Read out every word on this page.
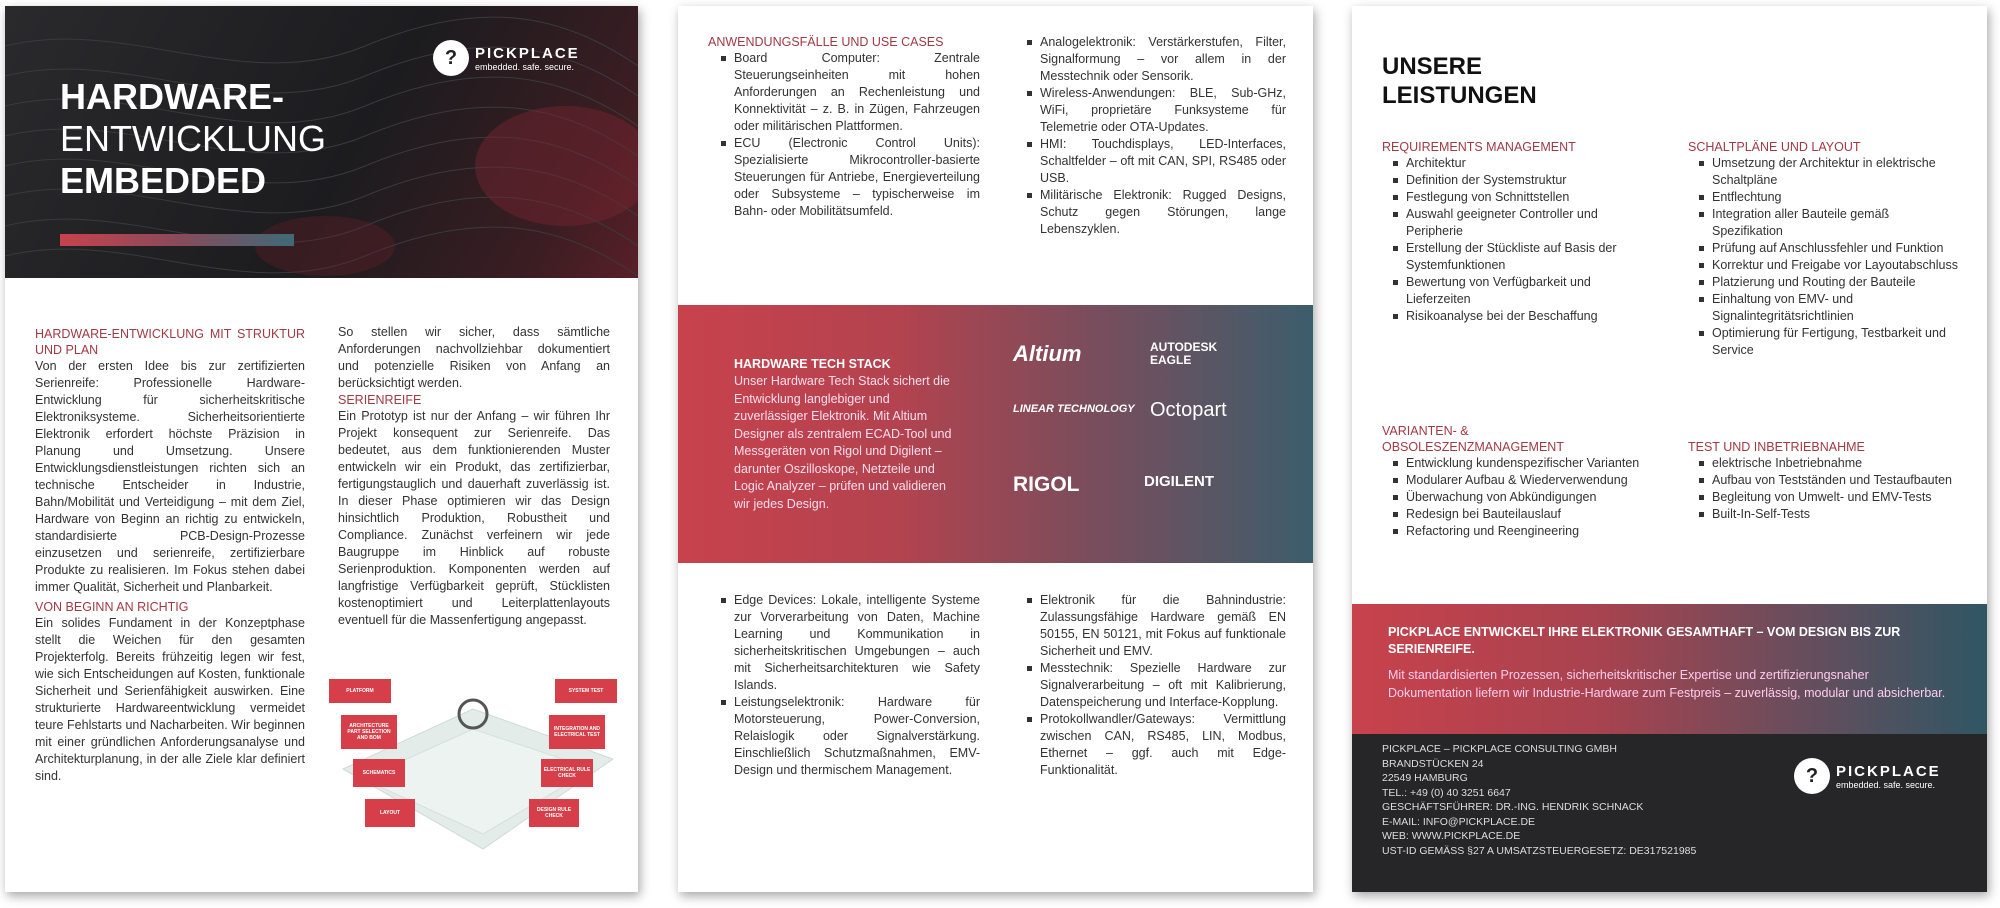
?	PICKPLACE
embedded. safe. secure.
HARDWARE-
ENTWICKLUNG
EMBEDDED
HARDWARE-ENTWICKLUNG MIT STRUKTUR UND PLAN

Von der ersten Idee bis zur zertifizierten Serienreife: Professionelle Hardware-Entwicklung für sicherheitskritische Elektroniksysteme. Sicherheitsorientierte Elektronik erfordert höchste Präzision in Planung und Umsetzung. Unsere Entwicklungsdienstleistungen richten sich an technische Entscheider in Industrie, Bahn/Mobilität und Verteidigung – mit dem Ziel, Hardware von Beginn an richtig zu entwickeln, standardisierte PCB-Design-Prozesse einzusetzen und serienreife, zertifizierbare Produkte zu realisieren. Im Fokus stehen dabei immer Qualität, Sicherheit und Planbarkeit.

VON BEGINN AN RICHTIG

Ein solides Fundament in der Konzeptphase stellt die Weichen für den gesamten Projekterfolg. Bereits frühzeitig legen wir fest, wie sich Entscheidungen auf Kosten, funktionale Sicherheit und Serienfähigkeit auswirken. Eine strukturierte Hardwareentwicklung vermeidet teure Fehlstarts und Nacharbeiten. Wir beginnen mit einer gründlichen Anforderungsanalyse und Architekturplanung, in der alle Ziele klar definiert sind.

So stellen wir sicher, dass sämtliche Anforderungen nachvollziehbar dokumentiert und potenzielle Risiken von Anfang an berücksichtigt werden.

SERIENREIFE

Ein Prototyp ist nur der Anfang – wir führen Ihr Projekt konsequent zur Serienreife. Das bedeutet, aus dem funktionierenden Muster entwickeln wir ein Produkt, das zertifizierbar, fertigungstauglich und dauerhaft zuverlässig ist. In dieser Phase optimieren wir das Design hinsichtlich Produktion, Robustheit und Compliance. Zunächst verfeinern wir jede Baugruppe im Hinblick auf robuste Serienproduktion. Komponenten werden auf langfristige Verfügbarkeit geprüft, Stücklisten kostenoptimiert und Leiterplattenlayouts eventuell für die Massenfertigung angepasst.

PLATFORM	SYSTEM TEST
ARCHITECTURE PART SELECTION AND BOM
INTEGRATION AND ELECTRICAL TEST
SCHEMATICS	ELECTRICAL RULE CHECK
LAYOUT	DESIGN RULE CHECK
ANWENDUNGSFÄLLE UND USE CASES
Board Computer: Zentrale Steuerungseinheiten mit hohen Anforderungen an Rechenleistung und Konnektivität – z. B. in Zügen, Fahrzeugen oder militärischen Plattformen.
ECU (Electronic Control Units): Spezialisierte Mikrocontroller-basierte Steuerungen für Antriebe, Energieverteilung oder Subsysteme – typischerweise im Bahn- oder Mobilitätsumfeld.
Analogelektronik: Verstärkerstufen, Filter, Signalformung – vor allem in der Messtechnik oder Sensorik.
Wireless-Anwendungen: BLE, Sub-GHz, WiFi, proprietäre Funksysteme für Telemetrie oder OTA-Updates.
HMI: Touchdisplays, LED-Interfaces, Schaltfelder – oft mit CAN, SPI, RS485 oder USB.
Militärische Elektronik: Rugged Designs, Schutz gegen Störungen, lange Lebenszyklen.
HARDWARE TECH STACK
Unser Hardware Tech Stack sichert die Entwicklung langlebiger und zuverlässiger Elektronik. Mit Altium Designer als zentralem ECAD-Tool und Messgeräten von Rigol und Digilent – darunter Oszilloskope, Netzteile und Logic Analyzer – prüfen und validieren wir jedes Design.
Altium	AUTODESK EAGLE
LINEAR TECHNOLOGY Octopart
RIGOL	DIGILENT
Edge Devices: Lokale, intelligente Systeme zur Vorverarbeitung von Daten, Machine Learning und Kommunikation in sicherheitskritischen Umgebungen – auch mit Sicherheitsarchitekturen wie Safety Islands.
Leistungselektronik: Hardware für Motorsteuerung, Power-Conversion, Relaislogik oder Signalverstärkung. Einschließlich Schutzmaßnahmen, EMV-Design und thermischem Management.
Elektronik für die Bahnindustrie: Zulassungsfähige Hardware gemäß EN 50155, EN 50121, mit Fokus auf funktionale Sicherheit und EMV.
Messtechnik: Spezielle Hardware zur Signalverarbeitung – oft mit Kalibrierung, Datenspeicherung und Interface-Kopplung.
Protokollwandler/Gateways: Vermittlung zwischen CAN, RS485, LIN, Modbus, Ethernet – ggf. auch mit Edge-Funktionalität.
UNSERE
LEISTUNGEN
REQUIREMENTS MANAGEMENT
Architektur
Definition der Systemstruktur
Festlegung von Schnittstellen
Auswahl geeigneter Controller und Peripherie
Erstellung der Stückliste auf Basis der Systemfunktionen
Bewertung von Verfügbarkeit und Lieferzeiten
Risikoanalyse bei der Beschaffung
SCHALTPLÄNE UND LAYOUT
Umsetzung der Architektur in elektrische Schaltpläne
Entflechtung
Integration aller Bauteile gemäß Spezifikation
Prüfung auf Anschlussfehler und Funktion
Korrektur und Freigabe vor Layoutabschluss
Platzierung und Routing der Bauteile
Einhaltung von EMV- und Signalintegritätsrichtlinien
Optimierung für Fertigung, Testbarkeit und Service
VARIANTEN- & OBSOLESZENZMANAGEMENT
Entwicklung kundenspezifischer Varianten
Modularer Aufbau & Wiederverwendung
Überwachung von Abkündigungen
Redesign bei Bauteilauslauf
Refactoring und Reengineering
TEST UND INBETRIEBNAHME
elektrische Inbetriebnahme
Aufbau von Testständen und Testaufbauten
Begleitung von Umwelt- und EMV-Tests
Built-In-Self-Tests
PICKPLACE ENTWICKELT IHRE ELEKTRONIK GESAMTHAFT – VOM DESIGN BIS ZUR SERIENREIFE.
Mit standardisierten Prozessen, sicherheitskritischer Expertise und zertifizierungsnaher Dokumentation liefern wir Industrie-Hardware zum Festpreis – zuverlässig, modular und absicherbar.
PICKPLACE – PICKPLACE CONSULTING GMBH
BRANDSTÜCKEN 24
22549 HAMBURG
TEL.: +49 (0) 40 3251 6647
GESCHÄFTSFÜHRER: DR.-ING. HENDRIK SCHNACK
E-MAIL: INFO@PICKPLACE.DE
WEB: WWW.PICKPLACE.DE
UST-ID GEMÄSS §27 A UMSATZSTEUERGESETZ: DE317521985
?	PICKPLACE
embedded. safe. secure.
